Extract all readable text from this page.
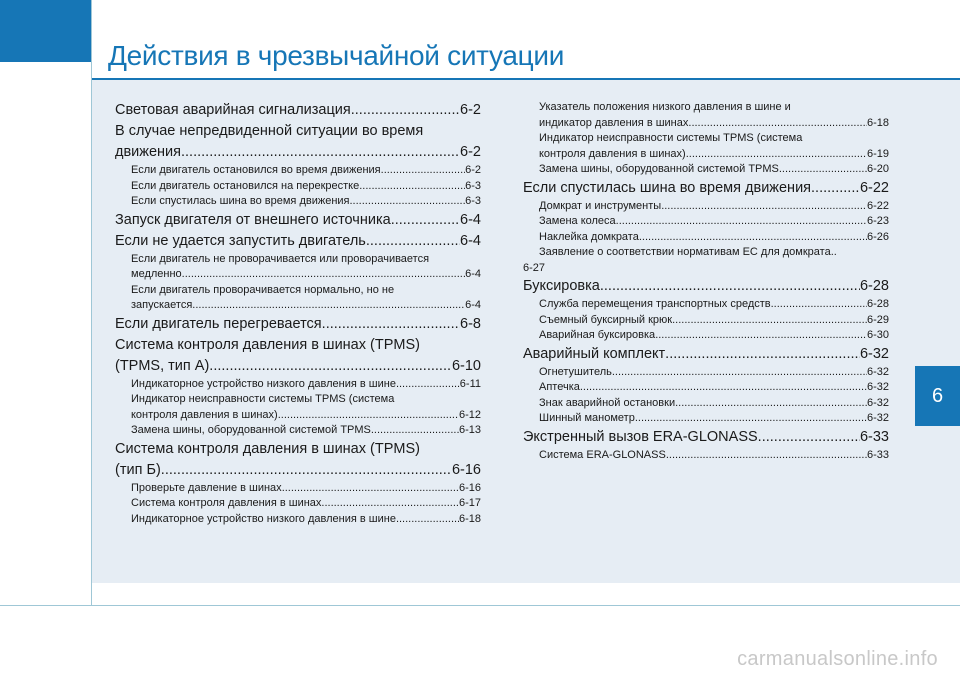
Действия в чрезвычайной ситуации
6
Световая аварийная сигнализация .....	6-2
В случае непредвиденной ситуации во время
движения .....	6-2
Если двигатель остановился во время движения .....	6-2
Если двигатель остановился на перекрестке .....	6-3
Если спустилась шина во время движения .....	6-3
Запуск двигателя от внешнего источника .....	6-4
Если не удается запустить двигатель .....	6-4
Если двигатель не проворачивается или проворачивается
медленно .....	6-4
Если двигатель проворачивается нормально, но не
запускается .....	6-4
Если двигатель перегревается .....	6-8
Система контроля давления в шинах (TPMS)
(TPMS, тип A) .....	6-10
Индикаторное устройство низкого давления в шине .....	6-11
Индикатор неисправности системы TPMS (система
контроля давления в шинах) .....	6-12
Замена шины, оборудованной системой TPMS .....	6-13
Система контроля давления в шинах (TPMS)
(тип Б) .....	6-16
Проверьте давление в шинах .....	6-16
Система контроля давления в шинах .....	6-17
Индикаторное устройство низкого давления в шине .....	6-18
Указатель положения низкого давления в шине и
индикатор давления в шинах .....	6-18
Индикатор неисправности системы TPMS (система
контроля давления в шинах) .....	6-19
Замена шины, оборудованной системой TPMS .....	6-20
Если спустилась шина во время движения .....	6-22
Домкрат и инструменты .....	6-22
Замена колеса .....	6-23
Наклейка домкрата .....	6-26
Заявление о соответствии нормативам ЕС для домкрата..
6-27
Буксировка .....	6-28
Служба перемещения транспортных средств .....	6-28
Съемный буксирный крюк .....	6-29
Аварийная буксировка .....	6-30
Аварийный комплект .....	6-32
Огнетушитель .....	6-32
Аптечка .....	6-32
Знак аварийной остановки .....	6-32
Шинный манометр .....	6-32
Экстренный вызов ERA-GLONASS .....	6-33
Система ERA-GLONASS .....	6-33
carmanualsonline.info
